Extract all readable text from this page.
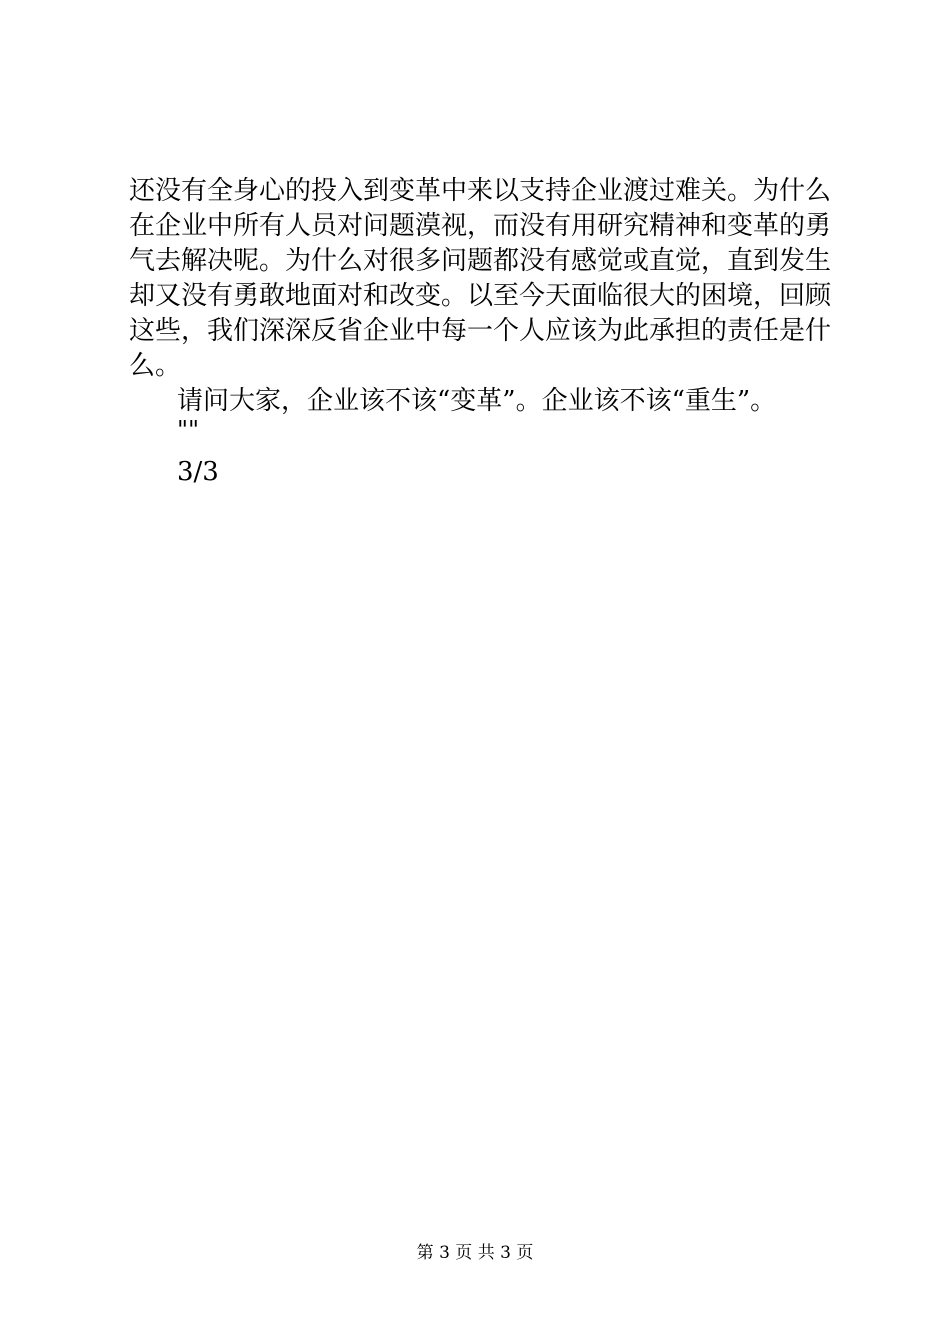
还没有全身心的投入到变革中来以支持企业渡过难关。为什么
在企业中所有人员对问题漠视，而没有用研究精神和变革的勇
气去解决呢。为什么对很多问题都没有感觉或直觉，直到发生
却又没有勇敢地面对和改变。以至今天面临很大的困境，回顾
这些，我们深深反省企业中每一个人应该为此承担的责任是什
么。
请问大家，企业该不该“变革”。企业该不该“重生”。
""
3/3
第 3 页 共 3 页
